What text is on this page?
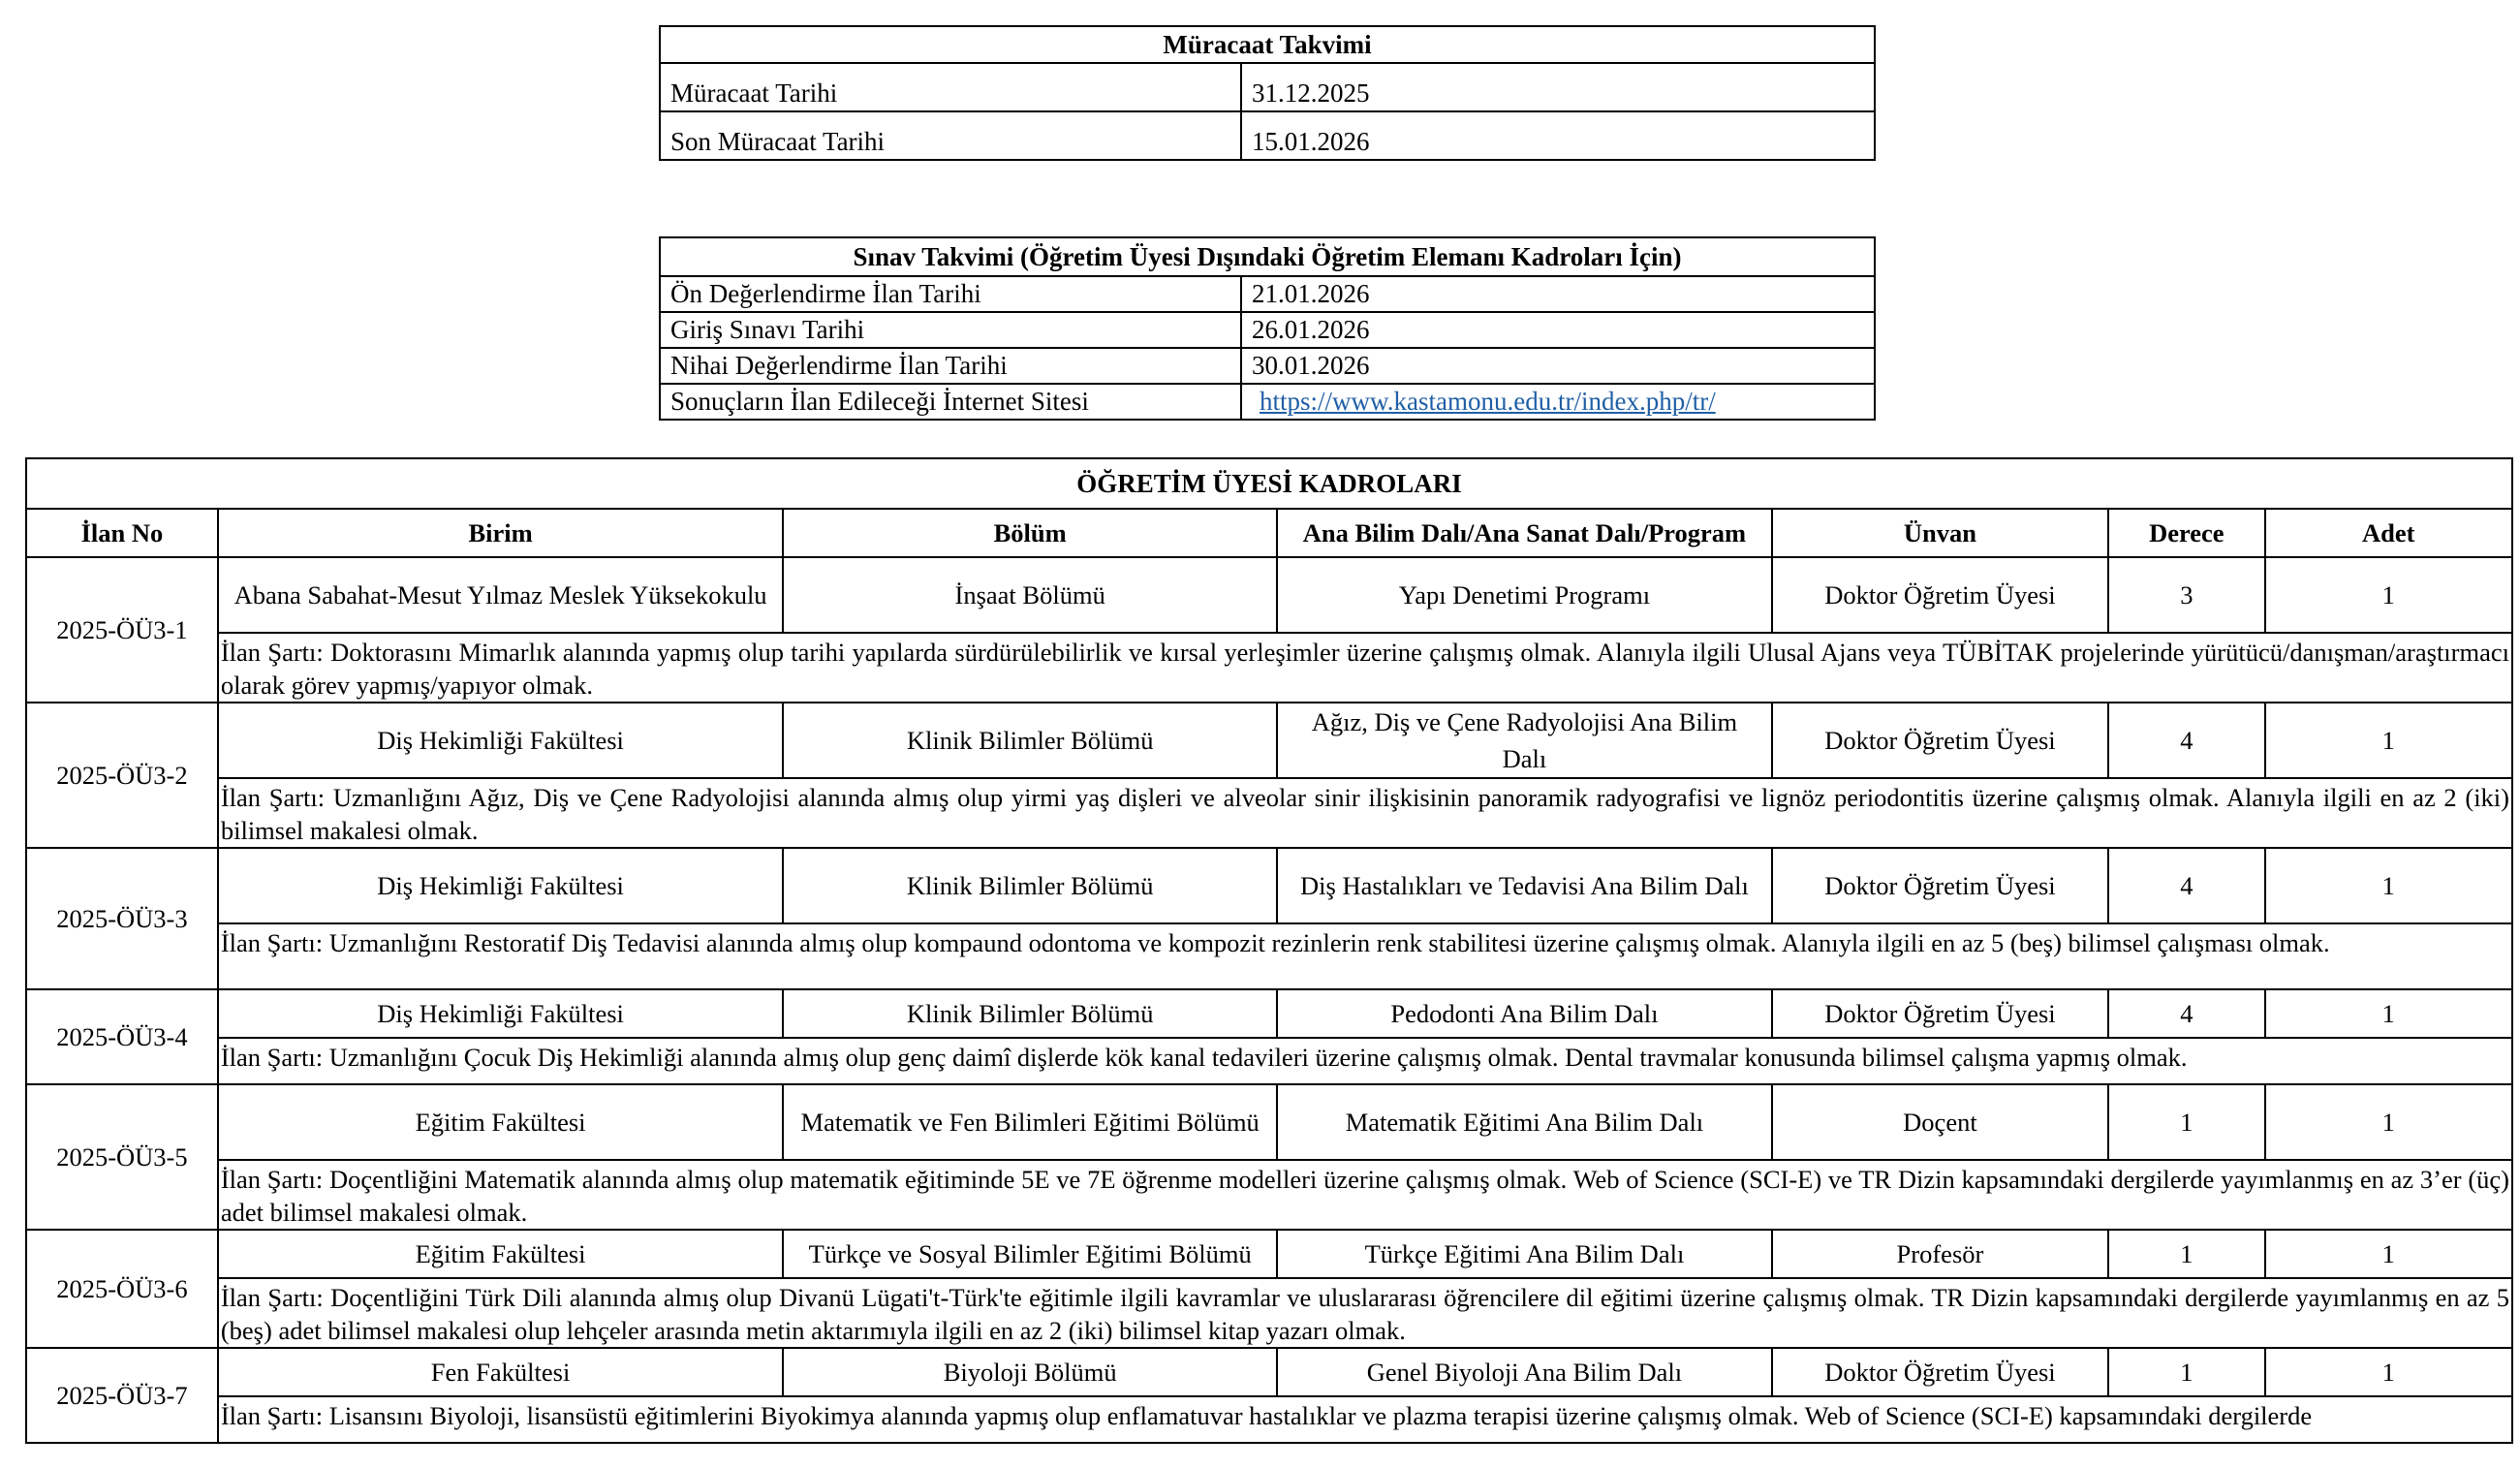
Müracaat Takvimi	
Müracaat Tarihi	31.12.2025
Son Müracaat Tarihi	15.01.2026
Sınav Takvimi (Öğretim Üyesi Dışındaki Öğretim Elemanı Kadroları İçin)	
Ön Değerlendirme İlan Tarihi	21.01.2026
Giriş Sınavı Tarihi	26.01.2026
Nihai Değerlendirme İlan Tarihi	30.01.2026
Sonuçların İlan Edileceği İnternet Sitesi	https://www.kastamonu.edu.tr/index.php/tr/
ÖĞRETİM ÜYESİ KADROLARI						
İlan No	Birim	Bölüm	Ana Bilim Dalı/Ana Sanat Dalı/Program	Ünvan	Derece	Adet
2025-ÖÜ3-1	Abana Sabahat-Mesut Yılmaz Meslek Yüksekokulu	İnşaat Bölümü	Yapı Denetimi Programı	Doktor Öğretim Üyesi	3	1
	İlan Şartı: Doktorasını Mimarlık alanında yapmış olup tarihi yapılarda sürdürülebilirlik ve kırsal yerleşimler üzerine çalışmış olmak. Alanıyla ilgili Ulusal Ajans veya TÜBİTAK projelerinde yürütücü/danışman/araştırmacı olarak görev yapmış/yapıyor olmak.					
2025-ÖÜ3-2	Diş Hekimliği Fakültesi	Klinik Bilimler Bölümü	Ağız, Diş ve Çene Radyolojisi Ana Bilim Dalı	Doktor Öğretim Üyesi	4	1
	İlan Şartı: Uzmanlığını Ağız, Diş ve Çene Radyolojisi alanında almış olup yirmi yaş dişleri ve alveolar sinir ilişkisinin panoramik radyografisi ve lignöz periodontitis üzerine çalışmış olmak. Alanıyla ilgili en az 2 (iki) bilimsel makalesi olmak.					
2025-ÖÜ3-3	Diş Hekimliği Fakültesi	Klinik Bilimler Bölümü	Diş Hastalıkları ve Tedavisi Ana Bilim Dalı	Doktor Öğretim Üyesi	4	1
	İlan Şartı: Uzmanlığını Restoratif Diş Tedavisi alanında almış olup kompaund odontoma ve kompozit rezinlerin renk stabilitesi üzerine çalışmış olmak. Alanıyla ilgili en az 5 (beş) bilimsel çalışması olmak.					
2025-ÖÜ3-4	Diş Hekimliği Fakültesi	Klinik Bilimler Bölümü	Pedodonti Ana Bilim Dalı	Doktor Öğretim Üyesi	4	1
	İlan Şartı: Uzmanlığını Çocuk Diş Hekimliği alanında almış olup genç daimî dişlerde kök kanal tedavileri üzerine çalışmış olmak. Dental travmalar konusunda bilimsel çalışma yapmış olmak.					
2025-ÖÜ3-5	Eğitim Fakültesi	Matematik ve Fen Bilimleri Eğitimi Bölümü	Matematik Eğitimi Ana Bilim Dalı	Doçent	1	1
	İlan Şartı: Doçentliğini Matematik alanında almış olup matematik eğitiminde 5E ve 7E öğrenme modelleri üzerine çalışmış olmak. Web of Science (SCI-E) ve TR Dizin kapsamındaki dergilerde yayımlanmış en az 3’er (üç) adet bilimsel makalesi olmak.					
2025-ÖÜ3-6	Eğitim Fakültesi	Türkçe ve Sosyal Bilimler Eğitimi Bölümü	Türkçe Eğitimi Ana Bilim Dalı	Profesör	1	1
	İlan Şartı: Doçentliğini Türk Dili alanında almış olup Divanü Lügati't-Türk'te eğitimle ilgili kavramlar ve uluslararası öğrencilere dil eğitimi üzerine çalışmış olmak. TR Dizin kapsamındaki dergilerde yayımlanmış en az 5 (beş) adet bilimsel makalesi olup lehçeler arasında metin aktarımıyla ilgili en az 2 (iki) bilimsel kitap yazarı olmak.					
2025-ÖÜ3-7	Fen Fakültesi	Biyoloji Bölümü	Genel Biyoloji Ana Bilim Dalı	Doktor Öğretim Üyesi	1	1
	İlan Şartı: Lisansını Biyoloji, lisansüstü eğitimlerini Biyokimya alanında yapmış olup enflamatuvar hastalıklar ve plazma terapisi üzerine çalışmış olmak. Web of Science (SCI-E) kapsamındaki dergilerde					
